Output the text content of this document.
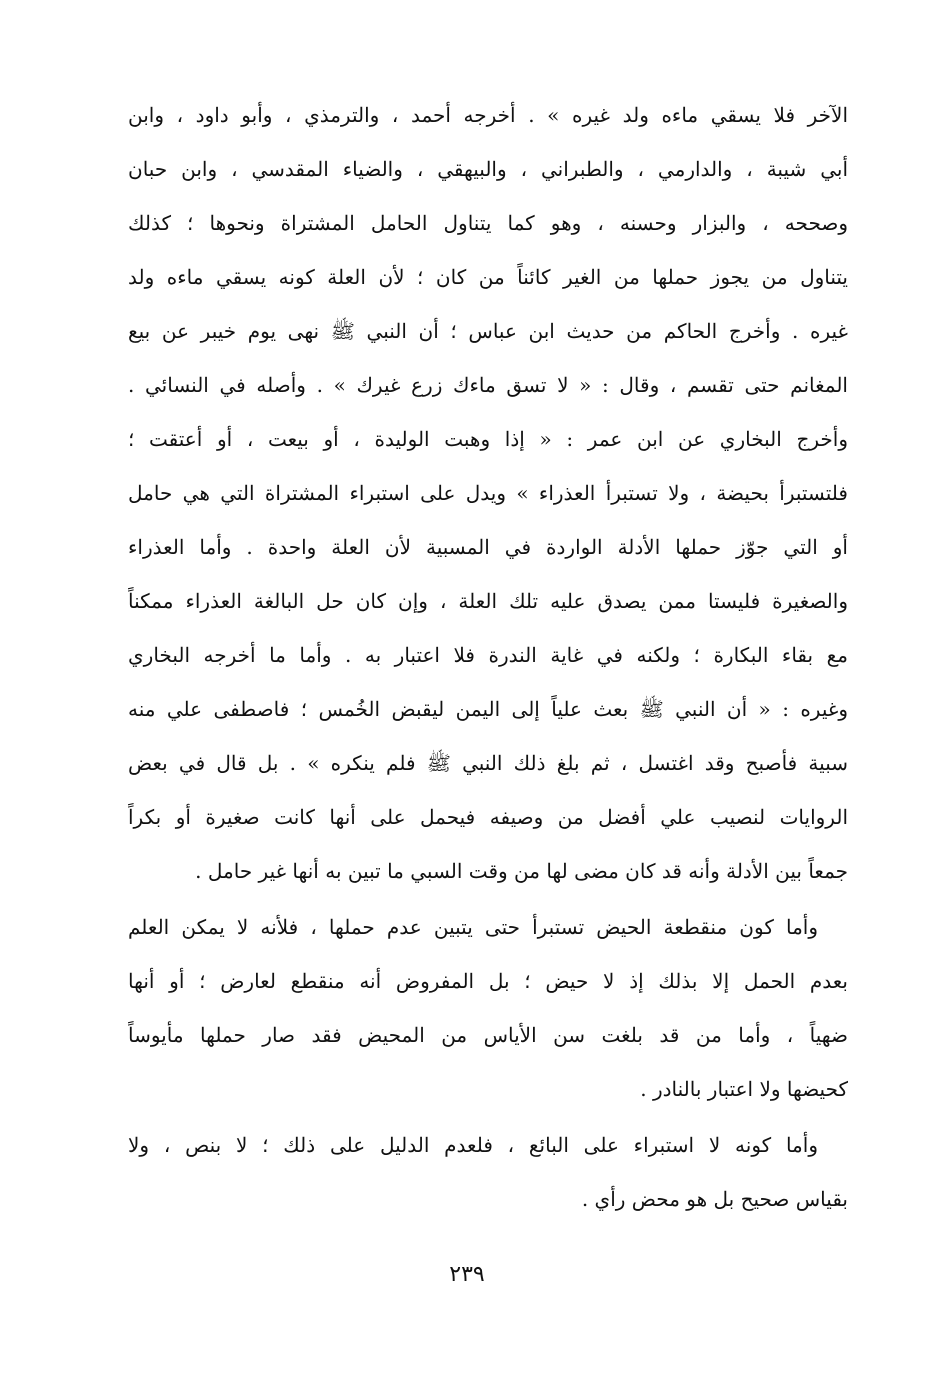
الآخر فلا يسقي ماءه ولد غيره » . أخرجه أحمد ، والترمذي ، وأبو داود ، وابن
أبي شيبة ، والدارمي ، والطبراني ، والبيهقي ، والضياء المقدسي ، وابن حبان
وصححه ، والبزار وحسنه ، وهو كما يتناول الحامل المشتراة ونحوها ؛ كذلك
يتناول من يجوز حملها من الغير كائناً من كان ؛ لأن العلة كونه يسقي ماءه ولد
غيره . وأخرج الحاكم من حديث ابن عباس ؛ أن النبي ﷺ نهى يوم خيبر عن بيع
المغانم حتى تقسم ، وقال : « لا تسق ماءك زرع غيرك » . وأصله في النسائي .
وأخرج البخاري عن ابن عمر : « إذا وهبت الوليدة ، أو بيعت ، أو أعتقت ؛
فلتستبرأ بحيضة ، ولا تستبرأ العذراء » ويدل على استبراء المشتراة التي هي حامل
أو التي جوّز حملها الأدلة الواردة في المسبية لأن العلة واحدة . وأما العذراء
والصغيرة فليستا ممن يصدق عليه تلك العلة ، وإن كان حل البالغة العذراء ممكناً
مع بقاء البكارة ؛ ولكنه في غاية الندرة فلا اعتبار به . وأما ما أخرجه البخاري
وغيره : « أن النبي ﷺ بعث علياً إلى اليمن ليقبض الخُمس ؛ فاصطفى علي منه
سبية فأصبح وقد اغتسل ، ثم بلغ ذلك النبي ﷺ فلم ينكره » . بل قال في بعض
الروايات لنصيب علي أفضل من وصيفه فيحمل على أنها كانت صغيرة أو بكراً
جمعاً بين الأدلة وأنه قد كان مضى لها من وقت السبي ما تبين به أنها غير حامل .
وأما كون منقطعة الحيض تستبرأ حتى يتبين عدم حملها ، فلأنه لا يمكن العلم
بعدم الحمل إلا بذلك إذ لا حيض ؛ بل المفروض أنه منقطع لعارض ؛ أو أنها
ضهياً ، وأما من قد بلغت سن الأياس من المحيض فقد صار حملها مأيوساً
كحيضها ولا اعتبار بالنادر .
وأما كونه لا استبراء على البائع ، فلعدم الدليل على ذلك ؛ لا بنص ، ولا
بقياس صحيح بل هو محض رأي .
٢٣٩
